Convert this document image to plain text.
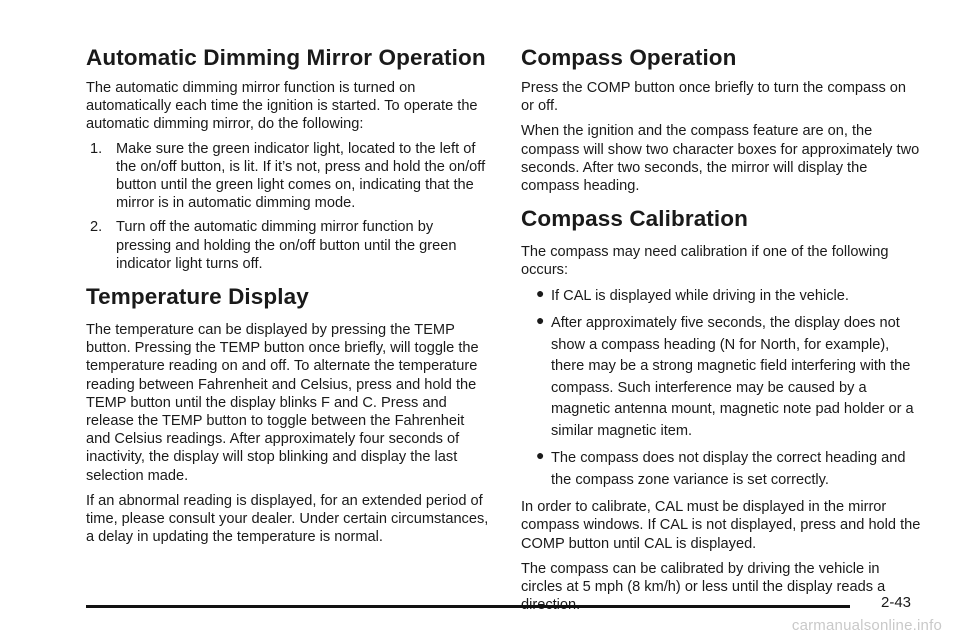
Automatic Dimming Mirror Operation

The automatic dimming mirror function is turned on automatically each time the ignition is started. To operate the automatic dimming mirror, do the following:

1. Make sure the green indicator light, located to the left of the on/off button, is lit. If it’s not, press and hold the on/off button until the green light comes on, indicating that the mirror is in automatic dimming mode.
2. Turn off the automatic dimming mirror function by pressing and holding the on/off button until the green indicator light turns off.
Temperature Display

The temperature can be displayed by pressing the TEMP button. Pressing the TEMP button once briefly, will toggle the temperature reading on and off. To alternate the temperature reading between Fahrenheit and Celsius, press and hold the TEMP button until the display blinks F and C. Press and release the TEMP button to toggle between the Fahrenheit and Celsius readings. After approximately four seconds of inactivity, the display will stop blinking and display the last selection made.

If an abnormal reading is displayed, for an extended period of time, please consult your dealer. Under certain circumstances, a delay in updating the temperature is normal.

Compass Operation

Press the COMP button once briefly to turn the compass on or off.

When the ignition and the compass feature are on, the compass will show two character boxes for approximately two seconds. After two seconds, the mirror will display the compass heading.

Compass Calibration

The compass may need calibration if one of the following occurs:

● If CAL is displayed while driving in the vehicle.
● After approximately five seconds, the display does not show a compass heading (N for North, for example), there may be a strong magnetic field interfering with the compass. Such interference may be caused by a magnetic antenna mount, magnetic note pad holder or a similar magnetic item.
● The compass does not display the correct heading and the compass zone variance is set correctly.

In order to calibrate, CAL must be displayed in the mirror compass windows. If CAL is not displayed, press and hold the COMP button until CAL is displayed.

The compass can be calibrated by driving the vehicle in circles at 5 mph (8 km/h) or less until the display reads a

2-43
carmanualsonline.info
